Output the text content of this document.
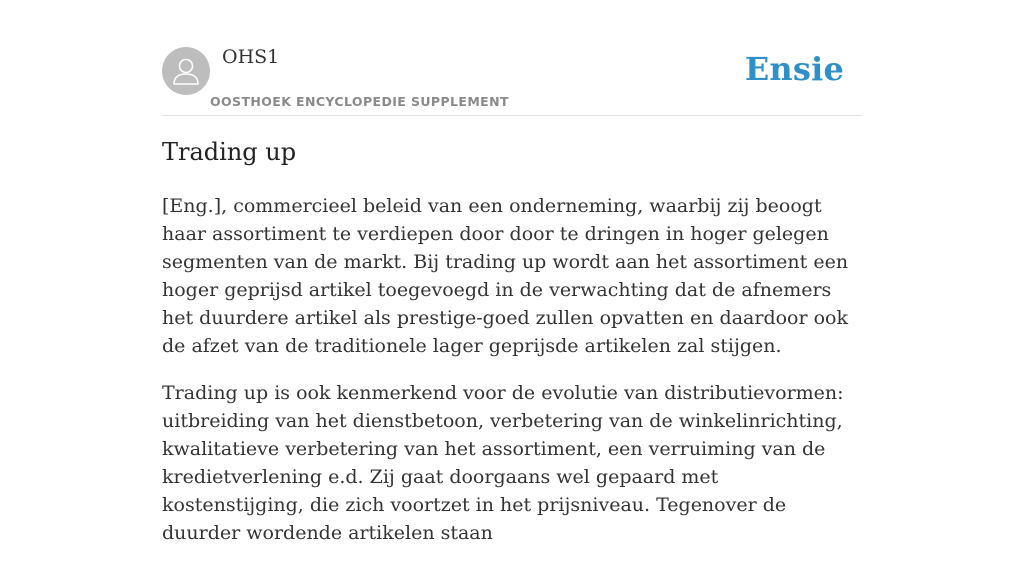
OHS1
OOSTHOEK ENCYCLOPEDIE SUPPLEMENT
Ensie
Trading up

[Eng.], commercieel beleid van een onderneming, waarbij zij beoogt haar assortiment te verdiepen door door te dringen in hoger gelegen segmenten van de markt. Bij trading up wordt aan het assortiment een hoger geprijsd artikel toegevoegd in de verwachting dat de afnemers het duurdere artikel als prestige-goed zullen opvatten en daardoor ook de afzet van de traditionele lager geprijsde artikelen zal stijgen.

Trading up is ook kenmerkend voor de evolutie van distributievormen: uitbreiding van het dienstbetoon, verbetering van de winkelinrichting, kwalitatieve verbetering van het assortiment, een verruiming van de kredietverlening e.d. Zij gaat doorgaans wel gepaard met kostenstijging, die zich voortzet in het prijsniveau. Tegenover de duurder wordende artikelen staan
